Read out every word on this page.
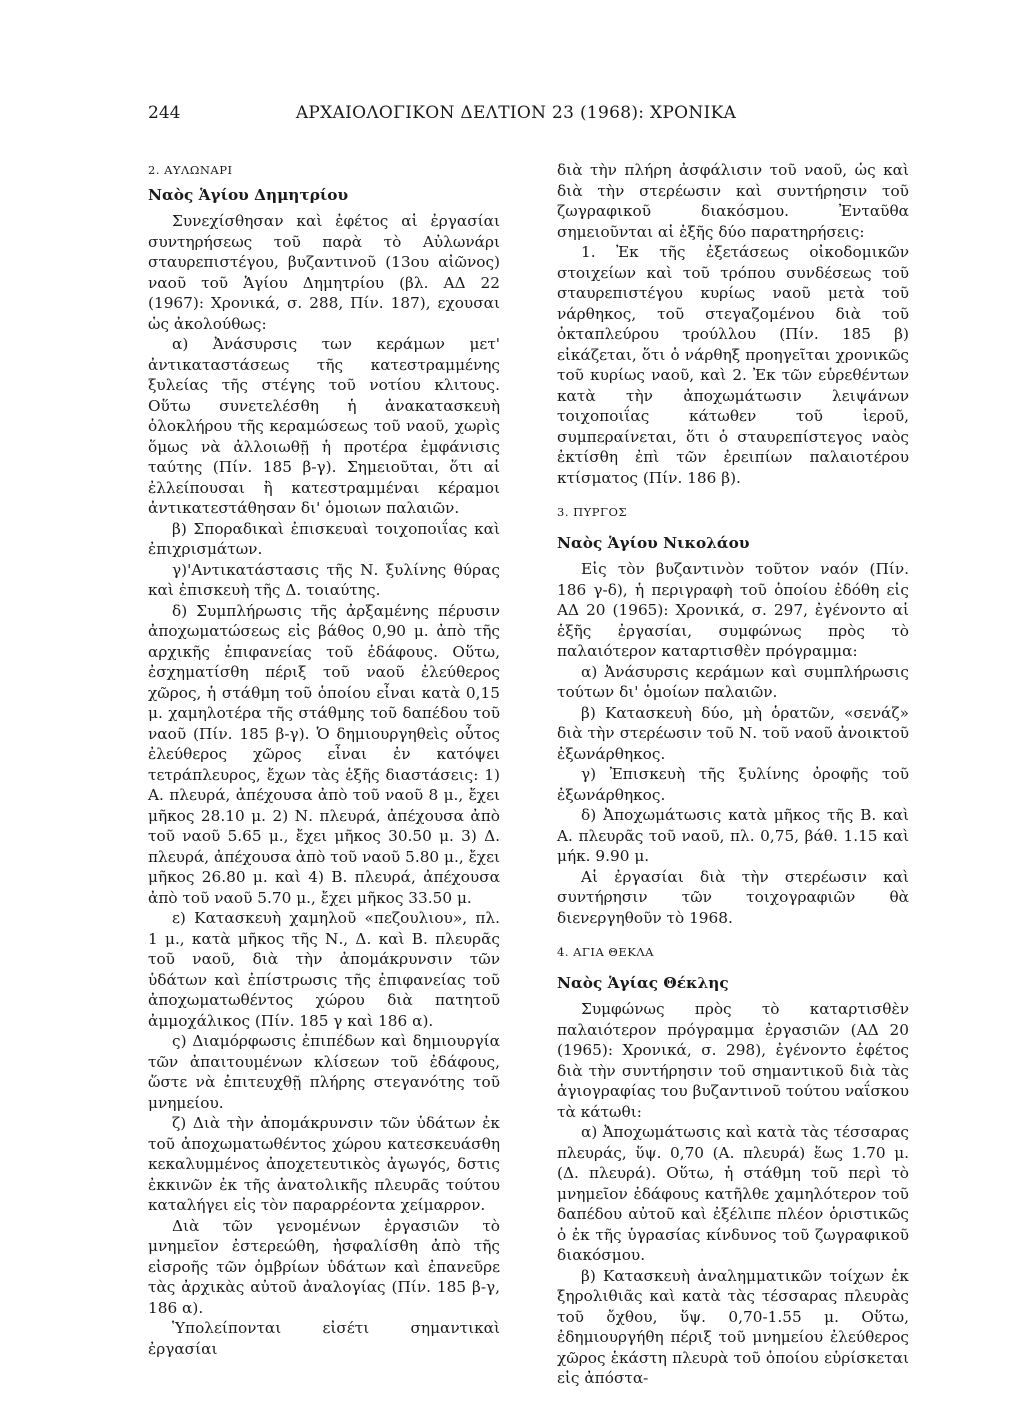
244	ΑΡΧΑΙΟΛΟΓΙΚΟΝ ΔΕΛΤΙΟΝ 23 (1968): ΧΡΟΝΙΚΑ
2. ΑΥΛΩΝΑΡΙ
Ναὸς Ἁγίου Δημητρίου

Συνεχίσθησαν καὶ ἐφέτος αἱ ἐργασίαι συντηρήσεως τοῦ παρὰ τὸ Αὐλωνάρι σταυρεπιστέγου, βυζαντινοῦ (13ου αἰῶνος) ναοῦ τοῦ Ἁγίου Δημητρίου (βλ. ΑΔ 22 (1967): Χρονικά, σ. 288, Πίν. 187), εχουσαι ὡς ἀκολούθως:

α) Ἀνάσυρσις των κεράμων μετ' ἀντικαταστάσεως τῆς κατεστραμμένης ξυλείας τῆς στέγης τοῦ νοτίου κλιτους. Οὕτω συνετελέσθη ἡ ἀνακατασκευὴ ὁλοκλήρου τῆς κεραμώσεως τοῦ ναοῦ, χωρὶς ὅμως νὰ ἀλλοιωθῇ ἡ προτέρα ἐμφάνισις ταύτης (Πίν. 185 β-γ). Σημειοῦται, ὅτι αἱ ἐλλείπουσαι ἢ κατεστραμμέναι κέραμοι ἀντικατεστάθησαν δι' ὁμοιων παλαιῶν.

β) Σποραδικαὶ ἐπισκευαὶ τοιχοποιΐας καὶ ἐπιχρισμάτων.

γ)'Αντικατάστασις τῆς Ν. ξυλίνης θύρας καὶ ἐπισκευὴ τῆς Δ. τοιαύτης.

δ) Συμπλήρωσις τῆς ἀρξαμένης πέρυσιν ἀποχωματώσεως εἰς βάθος 0,90 μ. ἀπὸ τῆς αρχικῆς ἐπιφανείας τοῦ ἐδάφους. Οὕτω, ἐσχηματίσθη πέριξ τοῦ ναοῦ ἐλεύθερος χῶρος, ἡ στάθμη τοῦ ὁποίου εἶναι κατὰ 0,15 μ. χαμηλοτέρα τῆς στάθμης τοῦ δαπέδου τοῦ ναοῦ (Πίν. 185 β-γ). Ὁ δημιουργηθεὶς οὗτος ἐλεύθερος χῶρος εἶναι ἐν κατόψει τετράπλευρος, ἔχων τὰς ἑξῆς διαστάσεις: 1) Α. πλευρά, ἀπέχουσα ἀπὸ τοῦ ναοῦ 8 μ., ἔχει μῆκος 28.10 μ. 2) Ν. πλευρά, ἀπέχουσα ἀπὸ τοῦ ναοῦ 5.65 μ., ἔχει μῆκος 30.50 μ. 3) Δ. πλευρά, ἀπέχουσα ἀπὸ τοῦ ναοῦ 5.80 μ., ἔχει μῆκος 26.80 μ. καὶ 4) Β. πλευρά, ἀπέχουσα ἀπὸ τοῦ ναοῦ 5.70 μ., ἔχει μῆκος 33.50 μ.

ε) Κατασκευὴ χαμηλοῦ «πεζουλιου», πλ. 1 μ., κατὰ μῆκος τῆς Ν., Δ. καὶ Β. πλευρᾶς τοῦ ναοῦ, διὰ τὴν ἀπομάκρυνσιν τῶν ὑδάτων καὶ ἐπίστρωσις τῆς ἐπιφανείας τοῦ ἀποχωματωθέντος χώρου διὰ πατητοῦ ἀμμοχάλικος (Πίν. 185 γ καὶ 186 α).

ς) Διαμόρφωσις ἐπιπέδων καὶ δημιουργία τῶν ἀπαιτουμένων κλίσεων τοῦ ἐδάφους, ὥστε νὰ ἐπιτευχθῇ πλήρης στεγανότης τοῦ μνημείου.

ζ) Διὰ τὴν ἀπομάκρυνσιν τῶν ὑδάτων ἐκ τοῦ ἀποχωματωθέντος χώρου κατεσκευάσθη κεκαλυμμένος ἀποχετευτικὸς ἀγωγός, δστις ἐκκινῶν ἐκ τῆς ἀνατολικῆς πλευρᾶς τούτου καταλήγει εἰς τὸν παραρρέοντα χείμαρρον.

Διὰ τῶν γενομένων ἐργασιῶν τὸ μνημεῖον ἐστερεώθη, ἠσφαλίσθη ἀπὸ τῆς εἰσροῆς τῶν ὀμβρίων ὑδάτων καὶ ἐπανεῦρε τὰς ἀρχικὰς αὐτοῦ ἀναλογίας (Πίν. 185 β-γ, 186 α).

Ὑπολείπονται εἰσέτι σημαντικαὶ ἐργασίαι

διὰ τὴν πλήρη ἀσφάλισιν τοῦ ναοῦ, ὡς καὶ διὰ τὴν στερέωσιν καὶ συντήρησιν τοῦ ζωγραφικοῦ διακόσμου. Ἐνταῦθα σημειοῦνται αἱ ἑξῆς δύο παρατηρήσεις:

1. Ἐκ τῆς ἐξετάσεως οἰκοδομικῶν στοιχείων καὶ τοῦ τρόπου συνδέσεως τοῦ σταυρεπιστέγου κυρίως ναοῦ μετὰ τοῦ νάρθηκος, τοῦ στεγαζομένου διὰ τοῦ ὀκταπλεύρου τρούλλου (Πίν. 185 β) εἰκάζεται, ὅτι ὁ νάρθηξ προηγεῖται χρονικῶς τοῦ κυρίως ναοῦ, καὶ 2. Ἐκ τῶν εὑρεθέντων κατὰ τὴν ἀποχωμάτωσιν λειψάνων τοιχοποιΐας κάτωθεν τοῦ ἱεροῦ, συμπεραίνεται, ὅτι ὁ σταυρεπίστεγος ναὸς ἐκτίσθη ἐπὶ τῶν ἐρειπίων παλαιοτέρου κτίσματος (Πίν. 186 β).

3. ΠΥΡΓΟΣ
Ναὸς Ἁγίου Νικολάου

Εἰς τὸν βυζαντινὸν τοῦτον ναόν (Πίν. 186 γ-δ), ἡ περιγραφὴ τοῦ ὁποίου ἐδόθη εἰς ΑΔ 20 (1965): Χρονικά, σ. 297, ἐγένοντο αἱ ἑξῆς ἐργασίαι, συμφώνως πρὸς τὸ παλαιότερον καταρτισθὲν πρόγραμμα:

α) Ἀνάσυρσις κεράμων καὶ συμπλήρωσις τούτων δι' ὁμοίων παλαιῶν.

β) Κατασκευὴ δύο, μὴ ὁρατῶν, «σενάζ» διὰ τὴν στερέωσιν τοῦ Ν. τοῦ ναοῦ ἀνοικτοῦ ἐξωνάρθηκος.

γ) Ἐπισκευὴ τῆς ξυλίνης ὀροφῆς τοῦ ἐξωνάρθηκος.

δ) Ἀποχωμάτωσις κατὰ μῆκος τῆς Β. καὶ Α. πλευρᾶς τοῦ ναοῦ, πλ. 0,75, βάθ. 1.15 καὶ μήκ. 9.90 μ.

Αἱ ἐργασίαι διὰ τὴν στερέωσιν καὶ συντήρησιν τῶν τοιχογραφιῶν θὰ διενεργηθοῦν τὸ 1968.

4. ΑΓΙΑ ΘΕΚΛΑ
Ναὸς Ἁγίας Θέκλης

Συμφώνως πρὸς τὸ καταρτισθὲν παλαιότερον πρόγραμμα ἐργασιῶν (ΑΔ 20 (1965): Χρονικά, σ. 298), ἐγένοντο ἐφέτος διὰ τὴν συντήρησιν τοῦ σημαντικοῦ διὰ τὰς ἁγιογραφίας του βυζαντινοῦ τούτου ναΐσκου τὰ κάτωθι:

α) Ἀποχωμάτωσις καὶ κατὰ τὰς τέσσαρας πλευράς, ὕψ. 0,70 (Α. πλευρά) ἕως 1.70 μ. (Δ. πλευρά). Οὕτω, ἡ στάθμη τοῦ περὶ τὸ μνημεῖον ἐδάφους κατῆλθε χαμηλότερον τοῦ δαπέδου αὐτοῦ καὶ ἐξέλιπε πλέον ὁριστικῶς ὁ ἐκ τῆς ὑγρασίας κίνδυνος τοῦ ζωγραφικοῦ διακόσμου.

β) Κατασκευὴ ἀναλημματικῶν τοίχων ἐκ ξηρολιθιᾶς καὶ κατὰ τὰς τέσσαρας πλευρὰς τοῦ ὄχθου, ὕψ. 0,70-1.55 μ. Οὕτω, ἐδημιουργήθη πέριξ τοῦ μνημείου ἐλεύθερος χῶρος ἑκάστη πλευρὰ τοῦ ὁποίου εὑρίσκεται εἰς ἀπόστα-
